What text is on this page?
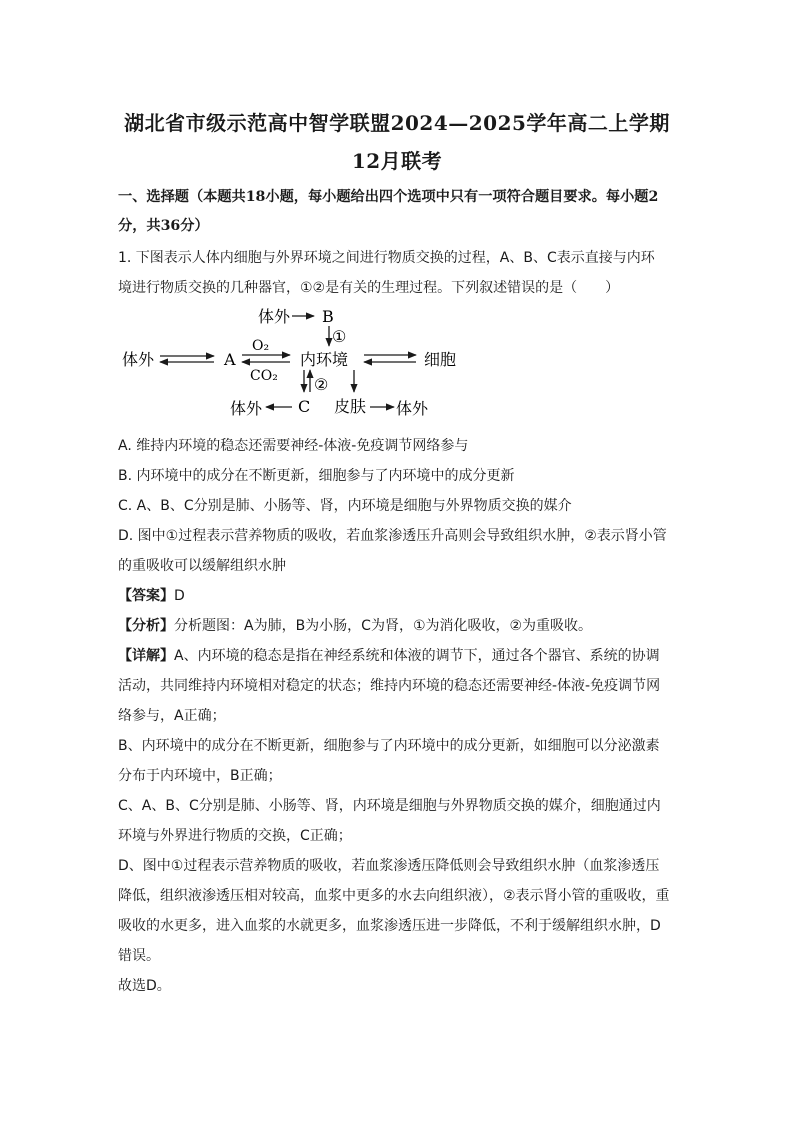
湖北省市级示范高中智学联盟2024—2025学年高二上学期
12月联考
一、选择题（本题共18小题，每小题给出四个选项中只有一项符合题目要求。每小题2
分，共36分）
1. 下图表示人体内细胞与外界环境之间进行物质交换的过程，A、B、C表示直接与内环
境进行物质交换的几种器官，①②是有关的生理过程。下列叙述错误的是（　　）
体外 B
①
体外	A
O₂
CO₂
内环境	细胞
②
体外 C 皮肤 体外
A. 维持内环境的稳态还需要神经-体液-免疫调节网络参与
B. 内环境中的成分在不断更新，细胞参与了内环境中的成分更新
C. A、B、C分别是肺、小肠等、肾，内环境是细胞与外界物质交换的媒介
D. 图中①过程表示营养物质的吸收，若血浆渗透压升高则会导致组织水肿，②表示肾小管
的重吸收可以缓解组织水肿
【答案】D
【分析】分析题图：A为肺，B为小肠，C为肾，①为消化吸收，②为重吸收。
【详解】A、内环境的稳态是指在神经系统和体液的调节下，通过各个器官、系统的协调
活动，共同维持内环境相对稳定的状态；维持内环境的稳态还需要神经-体液-免疫调节网
络参与，A正确；
B、内环境中的成分在不断更新，细胞参与了内环境中的成分更新，如细胞可以分泌激素
分布于内环境中，B正确；
C、A、B、C分别是肺、小肠等、肾，内环境是细胞与外界物质交换的媒介，细胞通过内
环境与外界进行物质的交换，C正确；
D、图中①过程表示营养物质的吸收，若血浆渗透压降低则会导致组织水肿（血浆渗透压
降低，组织液渗透压相对较高，血浆中更多的水去向组织液），②表示肾小管的重吸收，重
吸收的水更多，进入血浆的水就更多，血浆渗透压进一步降低，不利于缓解组织水肿，D
错误。
故选D。
